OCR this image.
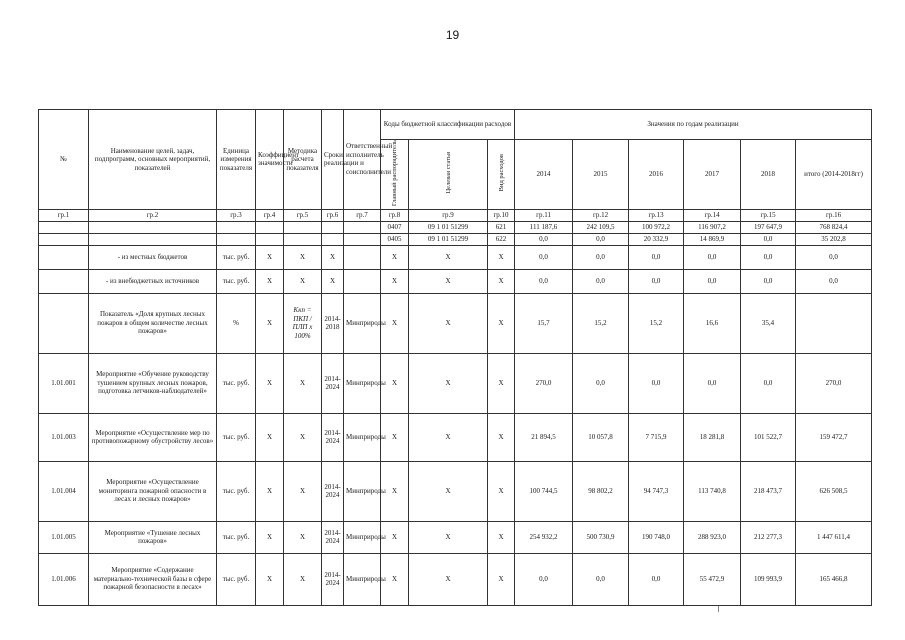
19
№	Наименование целей, задач, подпрограмм, основных мероприятий, показателей	Единица измерения показателя	Коэффициент значимости	Методика расчета показателя	Сроки реализации	Ответственный исполнитель и соисполнители	Коды бюджетной классификации расходов			Значения по годам реализации					
							Главный распорядитель	Целевая статья	Вид расходов	2014	2015	2016	2017	2018	итого (2014-2018гг)
гр.1	гр.2	гр.3	гр.4	гр.5	гр.6	гр.7	гр.8	гр.9	гр.10	гр.11	гр.12	гр.13	гр.14	гр.15	гр.16
							0407	09 1 01 51299	621	111 187,6	242 109,5	100 972,2	116 907,2	197 647,9	768 824,4
							0405	09 1 01 51299	622	0,0	0,0	20 332,9	14 869,9	0,0	35 202,8
	- из местных бюджетов	тыс. руб.	Х	Х	Х		Х	Х	Х	0,0	0,0	0,0	0,0	0,0	0,0
	- из внебюджетных источников	тыс. руб.	Х	Х	Х		Х	Х	Х	0,0	0,0	0,0	0,0	0,0	0,0
	Показатель «Доля крупных лесных пожаров в общем количестве лесных пожаров»	%	Х	Kкп = ПКП / ПЛП х 100%	2014-2018	Минприроды	Х	Х	Х	15,7	15,2	15,2	16,6	35,4	
1.01.001	Мероприятие «Обучение руководству тушением крупных лесных пожаров, подготовка летчиков-наблюдателей»	тыс. руб.	Х	Х	2014-2024	Минприроды	Х	Х	Х	270,0	0,0	0,0	0,0	0,0	270,0
1.01.003	Мероприятие «Осуществление мер по противопожарному обустройству лесов»	тыс. руб.	Х	Х	2014-2024	Минприроды	Х	Х	Х	21 894,5	10 057,8	7 715,9	18 281,8	101 522,7	159 472,7
1.01.004	Мероприятие «Осуществление мониторинга пожарной опасности в лесах и лесных пожаров»	тыс. руб.	Х	Х	2014-2024	Минприроды	Х	Х	Х	100 744,5	98 802,2	94 747,3	113 740,8	218 473,7	626 508,5
1.01.005	Мероприятие «Тушение лесных пожаров»	тыс. руб.	Х	Х	2014-2024	Минприроды	Х	Х	Х	254 932,2	500 730,9	190 748,0	288 923,0	212 277,3	1 447 611,4
1.01.006	Мероприятие «Содержание материально-технической базы в сфере пожарной безопасности в лесах»	тыс. руб.	Х	Х	2014-2024	Минприроды	Х	Х	Х	0,0	0,0	0,0	55 472,9	109 993,9	165 466,8
